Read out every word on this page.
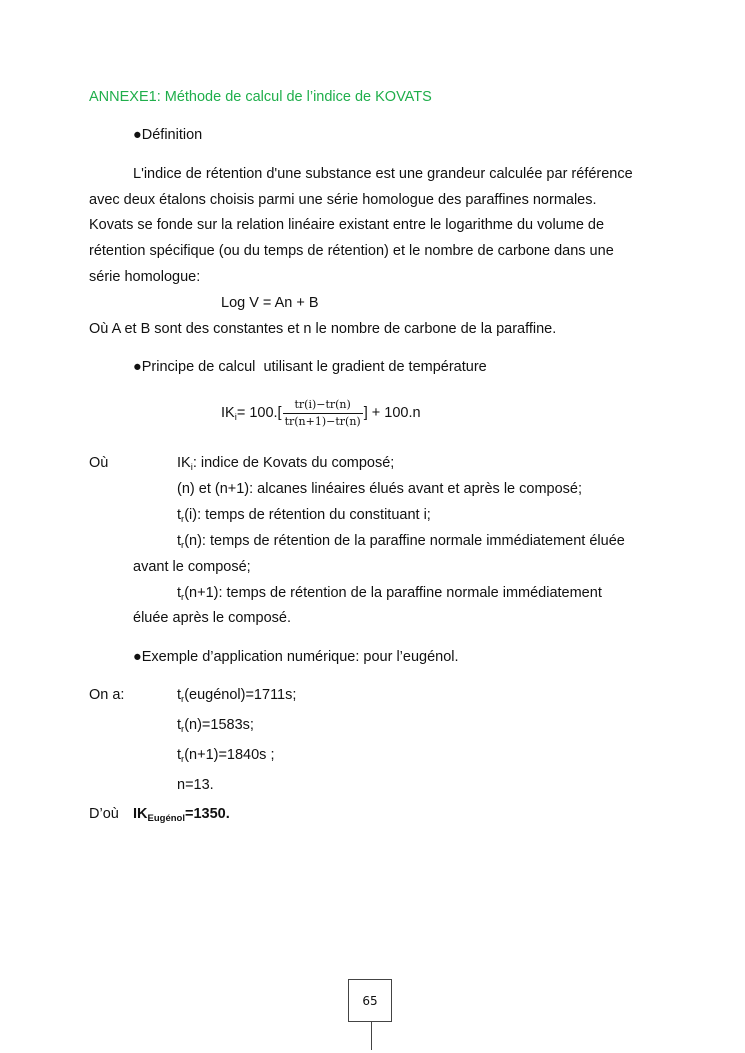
ANNEXE1: Méthode de calcul de l’indice de KOVATS
●Définition
L'indice de rétention d'une substance est une grandeur calculée par référence
avec deux étalons choisis parmi une série homologue des paraffines normales.
Kovats se fonde sur la relation linéaire existant entre le logarithme du volume de
rétention spécifique (ou du temps de rétention) et le nombre de carbone dans une
série homologue:
Log V = An + B
Où A et B sont des constantes et n le nombre de carbone de la paraffine.
●Principe de calcul  utilisant le gradient de température
$IK_i= 100.[ \frac{tr(i)-tr(n)}{tr(n+1)-tr(n)}$ ] + 100.n
Où	$IK_i$: indice de Kovats du composé;
(n) et (n+1): alcanes linéaires élués avant et après le composé;
$t_r(i)$: temps de rétention du constituant i;
$t_r(n)$: temps de rétention de la paraffine normale immédiatement éluée
avant le composé;
$t_r(n+1)$: temps de rétention de la paraffine normale immédiatement
éluée après le composé.
●Exemple d’application numérique: pour l’eugénol.
On a:	$t_r(eugénol)=1711s$;
$t_r(n)=1583s$;
$t_r(n+1)=1840s$ ;
n=13.
D’où $IK_{Eugénol}=1350$.
65
